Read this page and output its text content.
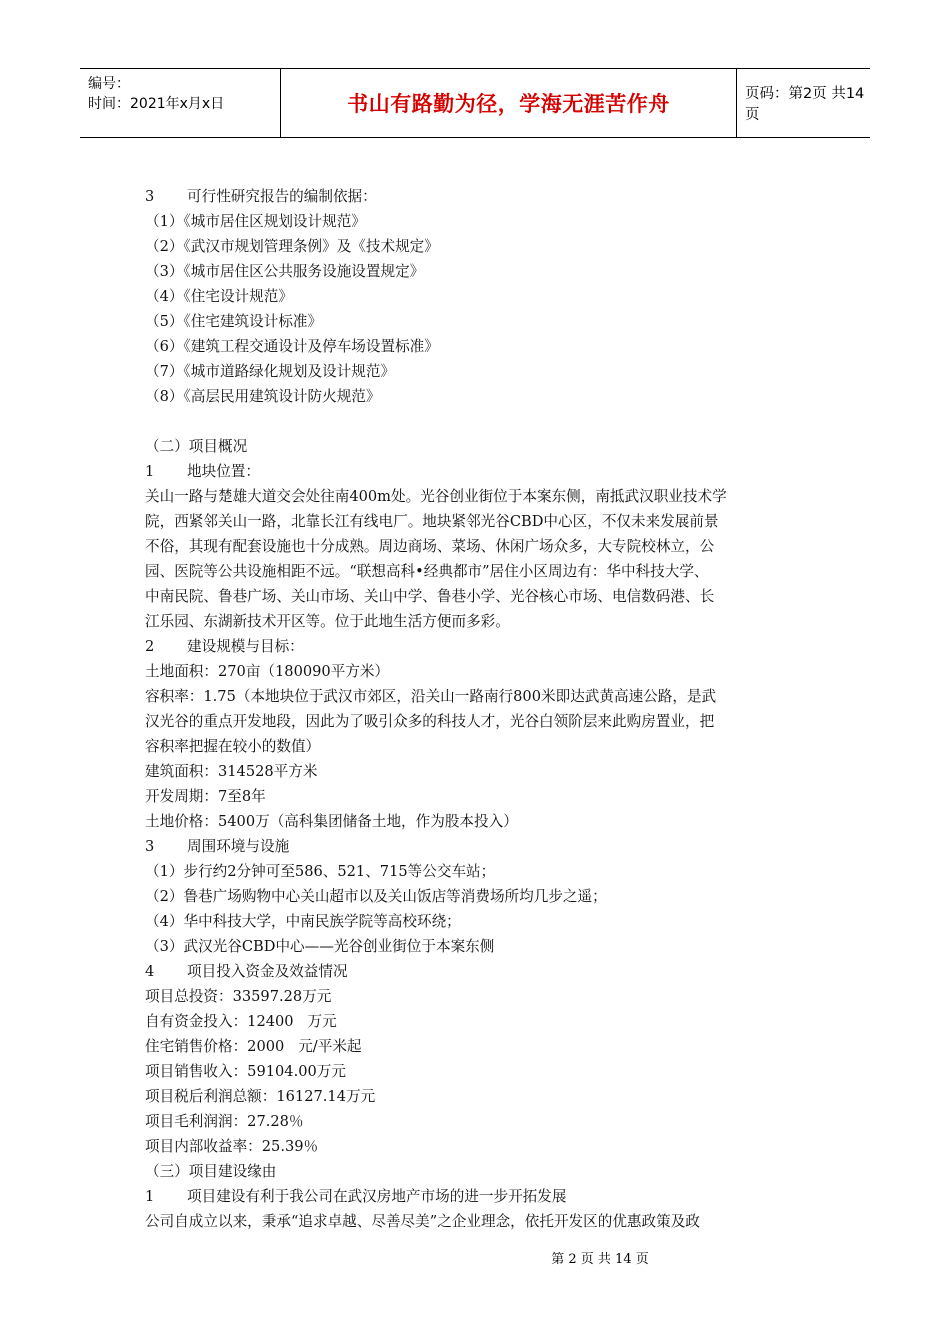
编号：
时间：2021年x月x日	书山有路勤为径，学海无涯苦作舟	页码：第2页 共14页
3 可行性研究报告的编制依据：
（1）《城市居住区规划设计规范》
（2）《武汉市规划管理条例》及《技术规定》
（3）《城市居住区公共服务设施设置规定》
（4）《住宅设计规范》
（5）《住宅建筑设计标准》
（6）《建筑工程交通设计及停车场设置标准》
（7）《城市道路绿化规划及设计规范》
（8）《高层民用建筑设计防火规范》
（二）项目概况
1 地块位置：
关山一路与楚雄大道交会处往南400m处。光谷创业街位于本案东侧，南抵武汉职业技术学
院，西紧邻关山一路，北靠长江有线电厂。地块紧邻光谷CBD中心区，不仅未来发展前景
不俗，其现有配套设施也十分成熟。周边商场、菜场、休闲广场众多，大专院校林立，公
园、医院等公共设施相距不远。“联想高科•经典都市”居住小区周边有：华中科技大学、
中南民院、鲁巷广场、关山市场、关山中学、鲁巷小学、光谷核心市场、电信数码港、长
江乐园、东湖新技术开区等。位于此地生活方便而多彩。
2 建设规模与目标：
土地面积：270亩（180090平方米）
容积率：1.75（本地块位于武汉市郊区，沿关山一路南行800米即达武黄高速公路，是武
汉光谷的重点开发地段，因此为了吸引众多的科技人才，光谷白领阶层来此购房置业，把
容积率把握在较小的数值）
建筑面积：314528平方米
开发周期：7至8年
土地价格：5400万（高科集团储备土地，作为股本投入）
3 周围环境与设施
（1）步行约2分钟可至586、521、715等公交车站；
（2）鲁巷广场购物中心关山超市以及关山饭店等消费场所均几步之遥；
（4）华中科技大学，中南民族学院等高校环绕；
（3）武汉光谷CBD中心——光谷创业街位于本案东侧
4 项目投入资金及效益情况
项目总投资：33597.28万元
自有资金投入：12400   万元
住宅销售价格：2000   元/平米起
项目销售收入：59104.00万元
项目税后利润总额：16127.14万元
项目毛利润润：27.28％
项目内部收益率：25.39％
（三）项目建设缘由
1 项目建设有利于我公司在武汉房地产市场的进一步开拓发展
公司自成立以来，秉承“追求卓越、尽善尽美”之企业理念，依托开发区的优惠政策及政
第 2 页 共 14 页
